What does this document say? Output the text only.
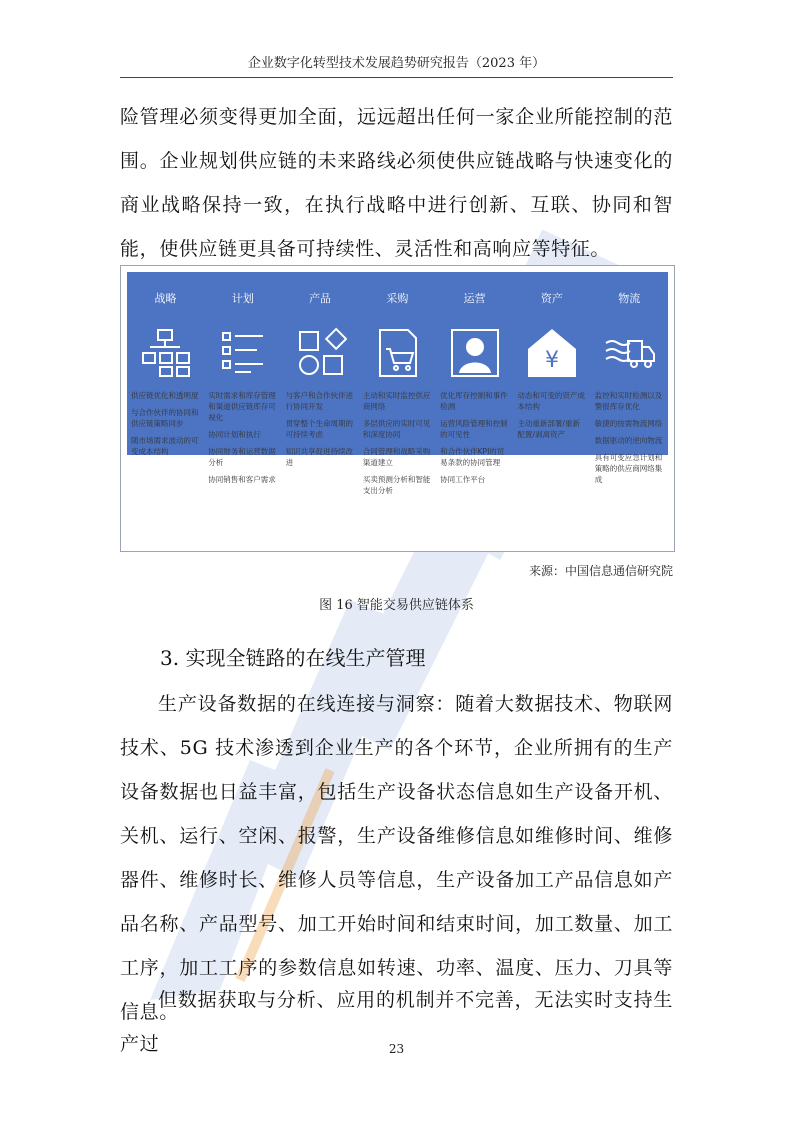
企业数字化转型技术发展趋势研究报告（2023 年）

险管理必须变得更加全面，远远超出任何一家企业所能控制的范围。企业规划供应链的未来路线必须使供应链战略与快速变化的商业战略保持一致，在执行战略中进行创新、互联、协同和智能，使供应链更具备可持续性、灵活性和高响应等特征。

战略
供应链优化和透明度
与合作伙伴的协同和供应链策略同步
随市场需求波动的可变成本结构
计划
实时需求和库存管理和渠道供应链库存可视化
协同计划和执行
协同财务和运营数据分析
协同销售和客户需求
产品
与客户和合作伙伴进行协同开发
贯穿整个生命周期的可持续考虑
知识共享促进持续改进
采购
主动和实时监控供应商网络
多层供应的实时可见和深度协同
合同管理和战略采购渠道建立
买卖预测分析和智能支出分析
运营
优化库存控制和事件检测
运营风险管理和控制的可见性
和合作伙伴KPI的贸易条款的协同管理
协同工作平台
资产
¥
动态和可变的资产成本结构
主动重新部署/重新配置/剥离资产
物流
监控和实时检测以及警报库存优化
敏捷的按需物流网络
数据驱动的逆向物流
具有可变应急计划和策略的供应商网络集成
来源：中国信息通信研究院
图 16 智能交易供应链体系
3. 实现全链路的在线生产管理

生产设备数据的在线连接与洞察：随着大数据技术、物联网技术、5G 技术渗透到企业生产的各个环节，企业所拥有的生产设备数据也日益丰富，包括生产设备状态信息如生产设备开机、关机、运行、空闲、报警，生产设备维修信息如维修时间、维修器件、维修时长、维修人员等信息，生产设备加工产品信息如产品名称、产品型号、加工开始时间和结束时间，加工数量、加工工序，加工工序的参数信息如转速、功率、温度、压力、刀具等信息。

但数据获取与分析、应用的机制并不完善，无法实时支持生产过	23
